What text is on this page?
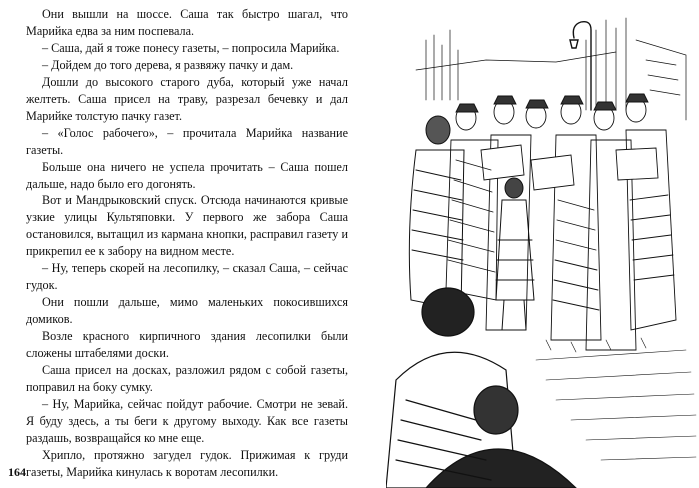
Они вышли на шоссе. Саша так быстро шагал, что Марийка едва за ним поспевала.

– Саша, дай я тоже понесу газеты, – попросила Марийка.

– Дойдем до того дерева, я развяжу пачку и дам.

Дошли до высокого старого дуба, который уже начал желтеть. Саша присел на траву, разрезал бечевку и дал Марийке толстую пачку газет.

– «Голос рабочего», – прочитала Марийка название газеты.

Больше она ничего не успела прочитать – Саша пошел дальше, надо было его догонять.

Вот и Мандрыковский спуск. Отсюда начинаются кривые узкие улицы Культяповки. У первого же забора Саша остановился, вытащил из кармана кнопки, расправил газету и прикрепил ее к забору на видном месте.

– Ну, теперь скорей на лесопилку, – сказал Саша, – сейчас гудок.

Они пошли дальше, мимо маленьких покосившихся домиков.

Возле красного кирпичного здания лесопилки были сложены штабелями доски.

Саша присел на досках, разложил рядом с собой газеты, поправил на боку сумку.

– Ну, Марийка, сейчас пойдут рабочие. Смотри не зевай. Я буду здесь, а ты беги к другому выходу. Как все газеты раздашь, возвращайся ко мне еще.

Хрипло, протяжно загудел гудок. Прижимая к груди газеты, Марийка кинулась к воротам лесопилки.

164
